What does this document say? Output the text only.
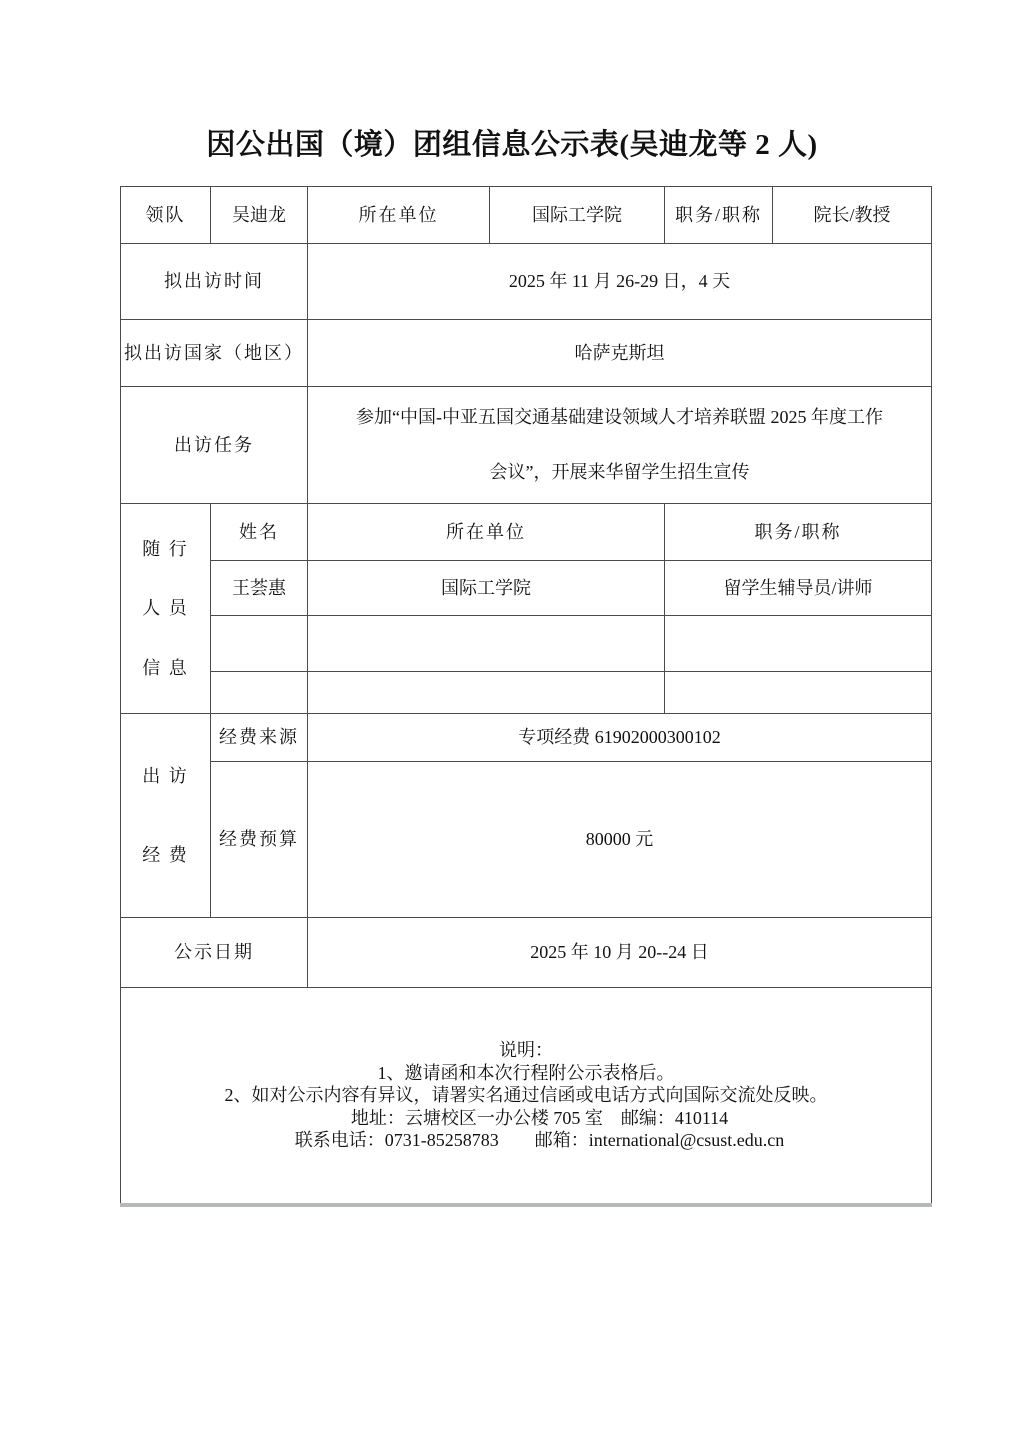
因公出国（境）团组信息公示表(吴迪龙等 2 人)
领队	吴迪龙	所在单位	国际工学院	职务/职称	院长/教授
拟出访时间		2025 年 11 月 26-29 日，4 天			
拟出访国家（地区）		哈萨克斯坦			
出访任务		参加“中国-中亚五国交通基础建设领域人才培养联盟 2025 年度工作
会议”，开展来华留学生招生宣传			

随 行
人 员
信 息	姓名	所在单位		职务/职称	
	王荟惠	国际工学院		留学生辅导员/讲师	

出 访
经 费	经费来源	专项经费 61902000300102			
	经费预算	80000 元			
公示日期		2025 年 10 月 20--24 日			

说明：
1、邀请函和本次行程附公示表格后。
2、如对公示内容有异议，请署实名通过信函或电话方式向国际交流处反映。
地址：云塘校区一办公楼 705 室　邮编：410114
联系电话：0731-85258783　　邮箱：international@csust.edu.cn					
